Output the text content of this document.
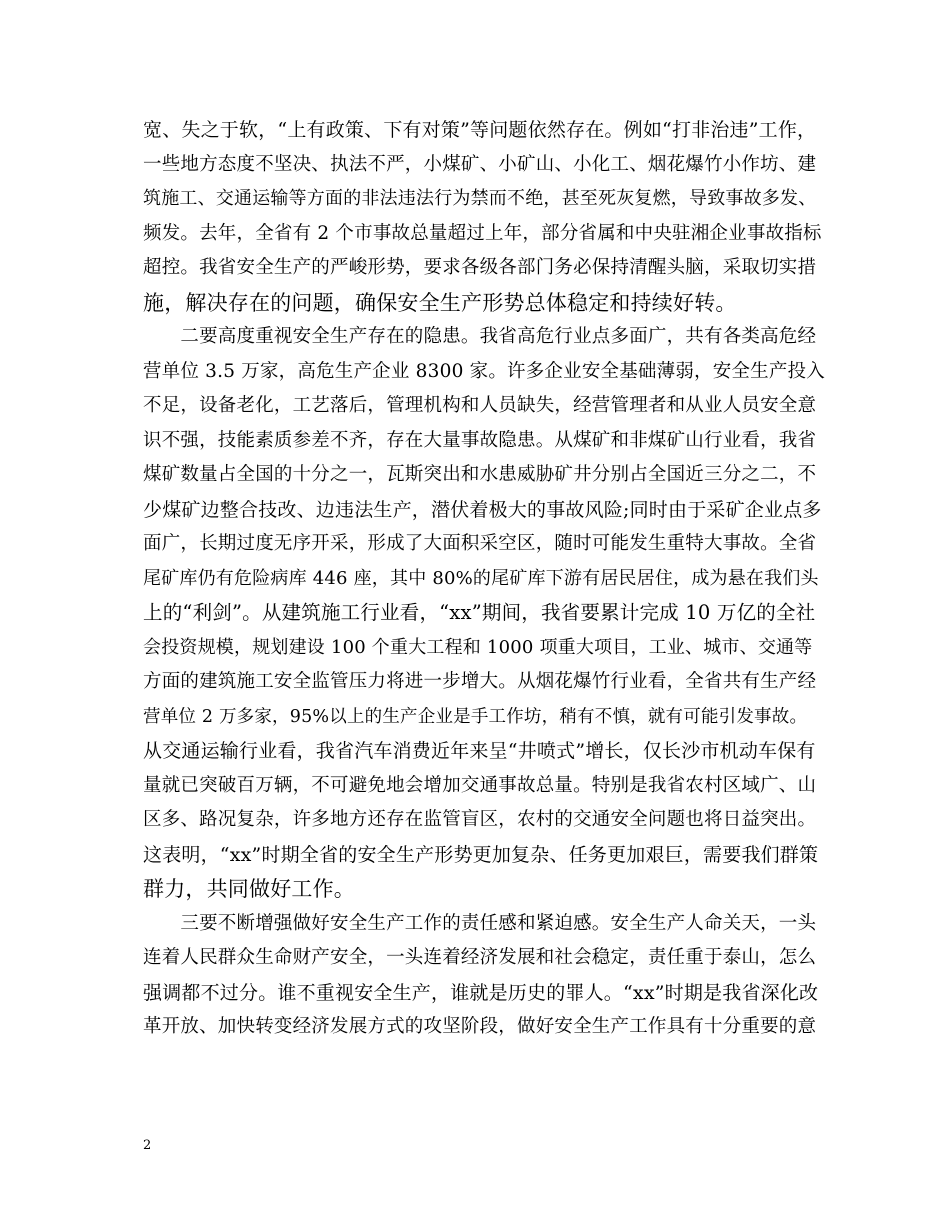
宽、失之于软，“上有政策、下有对策”等问题依然存在。例如“打非治违”工作，
一些地方态度不坚决、执法不严，小煤矿、小矿山、小化工、烟花爆竹小作坊、建
筑施工、交通运输等方面的非法违法行为禁而不绝，甚至死灰复燃，导致事故多发、
频发。去年，全省有 2 个市事故总量超过上年，部分省属和中央驻湘企业事故指标
超控。我省安全生产的严峻形势，要求各级各部门务必保持清醒头脑，采取切实措
施，解决存在的问题，确保安全生产形势总体稳定和持续好转。
　　二要高度重视安全生产存在的隐患。我省高危行业点多面广，共有各类高危经
营单位 3.5 万家，高危生产企业 8300 家。许多企业安全基础薄弱，安全生产投入
不足，设备老化，工艺落后，管理机构和人员缺失，经营管理者和从业人员安全意
识不强，技能素质参差不齐，存在大量事故隐患。从煤矿和非煤矿山行业看，我省
煤矿数量占全国的十分之一，瓦斯突出和水患威胁矿井分别占全国近三分之二，不
少煤矿边整合技改、边违法生产，潜伏着极大的事故风险;同时由于采矿企业点多
面广，长期过度无序开采，形成了大面积采空区，随时可能发生重特大事故。全省
尾矿库仍有危险病库 446 座，其中 80%的尾矿库下游有居民居住，成为悬在我们头
上的“利剑”。从建筑施工行业看，“xx”期间，我省要累计完成 10 万亿的全社
会投资规模，规划建设 100 个重大工程和 1000 项重大项目，工业、城市、交通等
方面的建筑施工安全监管压力将进一步增大。从烟花爆竹行业看，全省共有生产经
营单位 2 万多家，95%以上的生产企业是手工作坊，稍有不慎，就有可能引发事故。
从交通运输行业看，我省汽车消费近年来呈“井喷式”增长，仅长沙市机动车保有
量就已突破百万辆，不可避免地会增加交通事故总量。特别是我省农村区域广、山
区多、路况复杂，许多地方还存在监管盲区，农村的交通安全问题也将日益突出。
这表明，“xx”时期全省的安全生产形势更加复杂、任务更加艰巨，需要我们群策
群力，共同做好工作。
　　三要不断增强做好安全生产工作的责任感和紧迫感。安全生产人命关天，一头
连着人民群众生命财产安全，一头连着经济发展和社会稳定，责任重于泰山，怎么
强调都不过分。谁不重视安全生产，谁就是历史的罪人。“xx”时期是我省深化改
革开放、加快转变经济发展方式的攻坚阶段，做好安全生产工作具有十分重要的意
2
